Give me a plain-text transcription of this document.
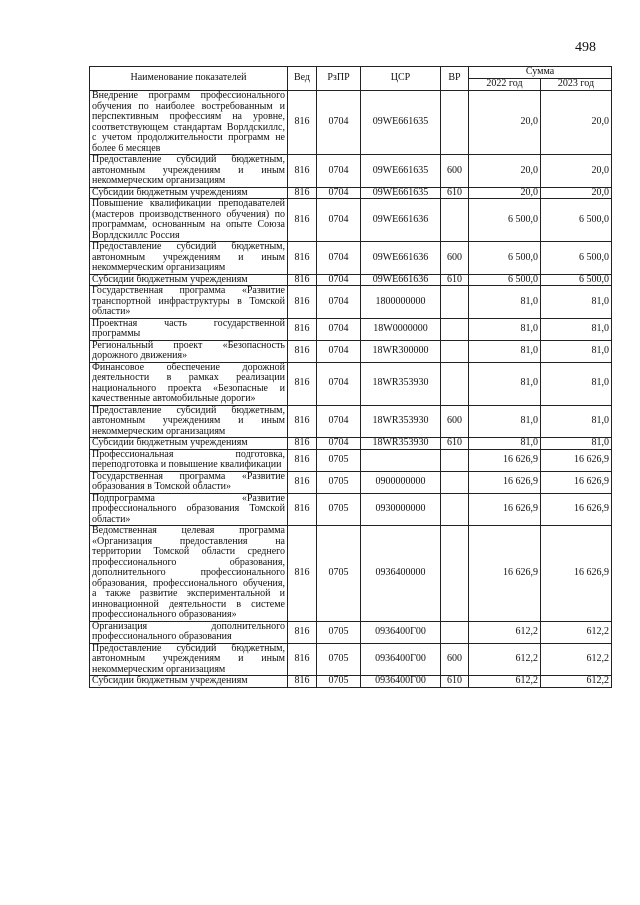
498
Наименование показателей	Вед	РзПР	ЦСР	ВР	Сумма	
					2022 год	2023 год
Внедрение программ профессионального обучения по наиболее востребованным и перспективным профессиям на уровне, соответствующем стандартам Ворлдскиллс, с учетом продолжительности программ не более 6 месяцев	816	0704	09WE661635		20,0	20,0
Предоставление субсидий бюджетным, автономным учреждениям и иным некоммерческим организациям	816	0704	09WE661635	600	20,0	20,0
Субсидии бюджетным учреждениям	816	0704	09WE661635	610	20,0	20,0
Повышение квалификации преподавателей (мастеров производственного обучения) по программам, основанным на опыте Союза Ворлдскиллс Россия	816	0704	09WE661636		6 500,0	6 500,0
Предоставление субсидий бюджетным, автономным учреждениям и иным некоммерческим организациям	816	0704	09WE661636	600	6 500,0	6 500,0
Субсидии бюджетным учреждениям	816	0704	09WE661636	610	6 500,0	6 500,0
Государственная программа «Развитие транспортной инфраструктуры в Томской области»	816	0704	1800000000		81,0	81,0
Проектная часть государственной программы	816	0704	18W0000000		81,0	81,0
Региональный проект «Безопасность дорожного движения»	816	0704	18WR300000		81,0	81,0
Финансовое обеспечение дорожной деятельности в рамках реализации национального проекта «Безопасные и качественные автомобильные дороги»	816	0704	18WR353930		81,0	81,0
Предоставление субсидий бюджетным, автономным учреждениям и иным некоммерческим организациям	816	0704	18WR353930	600	81,0	81,0
Субсидии бюджетным учреждениям	816	0704	18WR353930	610	81,0	81,0
Профессиональная подготовка, переподготовка и повышение квалификации	816	0705			16 626,9	16 626,9
Государственная программа «Развитие образования в Томской области»	816	0705	0900000000		16 626,9	16 626,9
Подпрограмма «Развитие профессионального образования Томской области»	816	0705	0930000000		16 626,9	16 626,9
Ведомственная целевая программа «Организация предоставления на территории Томской области среднего профессионального образования, дополнительного профессионального образования, профессионального обучения, а также развитие экспериментальной и инновационной деятельности в системе профессионального образования»	816	0705	0936400000		16 626,9	16 626,9
Организация дополнительного профессионального образования	816	0705	0936400Г00		612,2	612,2
Предоставление субсидий бюджетным, автономным учреждениям и иным некоммерческим организациям	816	0705	0936400Г00	600	612,2	612,2
Субсидии бюджетным учреждениям	816	0705	0936400Г00	610	612,2	612,2
